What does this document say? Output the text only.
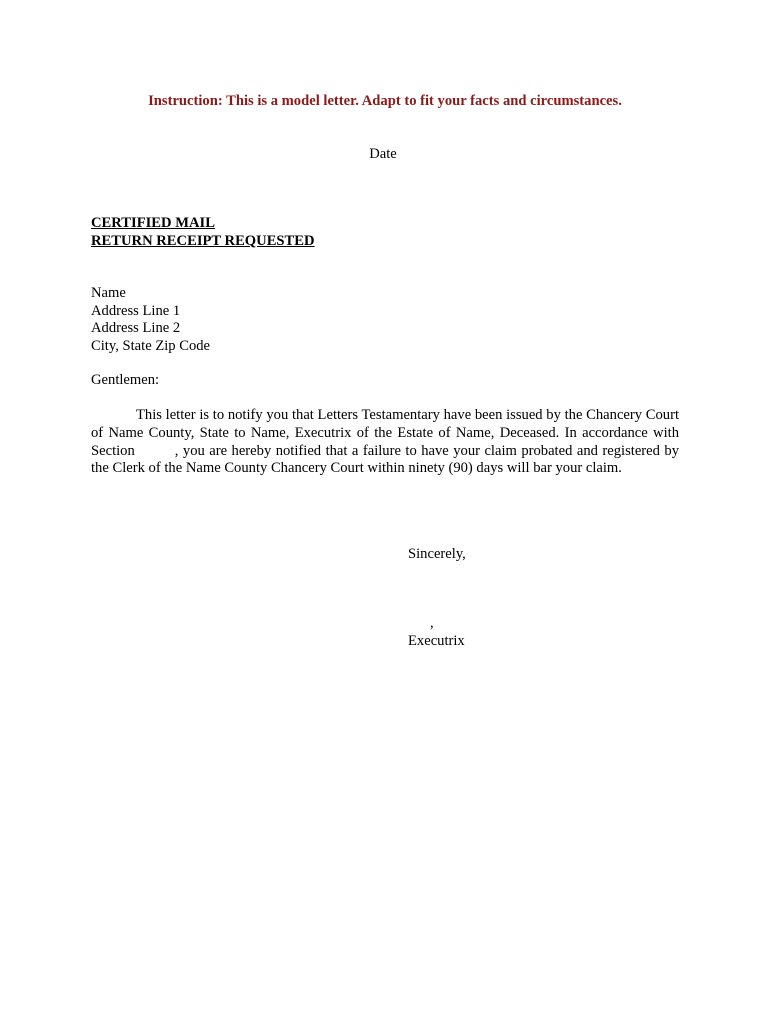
Instruction: This is a model letter. Adapt to fit your facts and circumstances.
Date
CERTIFIED MAIL
RETURN RECEIPT REQUESTED
Name
Address Line 1
Address Line 2
City, State Zip Code
Gentlemen:
This letter is to notify you that Letters Testamentary have been issued by the Chancery Court of Name County, State to Name, Executrix of the Estate of Name, Deceased. In accordance with Section	, you are hereby notified that a failure to have your claim probated and registered by the Clerk of the Name County Chancery Court within ninety (90) days will bar your claim.
Sincerely,
,
Executrix
